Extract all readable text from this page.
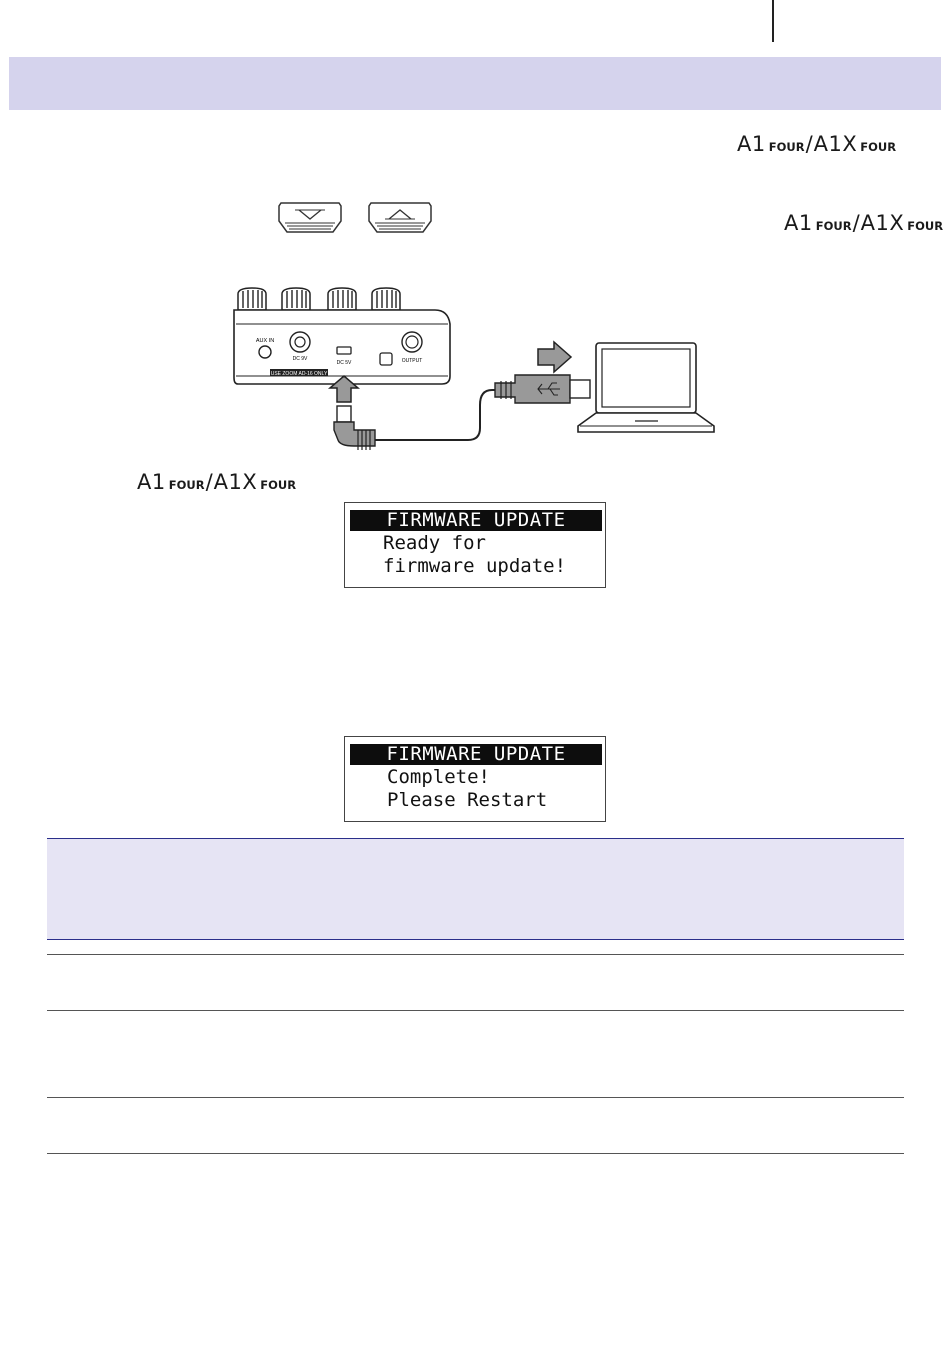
A1 FOUR / A1X FOUR
A1 FOUR / A1X FOUR
USE ZOOM AD-16 ONLY
AUX IN
DC 9V
DC 5V	OUTPUT
A1 FOUR / A1X FOUR
FIRMWARE UPDATE
Ready for
firmware update!
FIRMWARE UPDATE
Complete!
Please Restart
